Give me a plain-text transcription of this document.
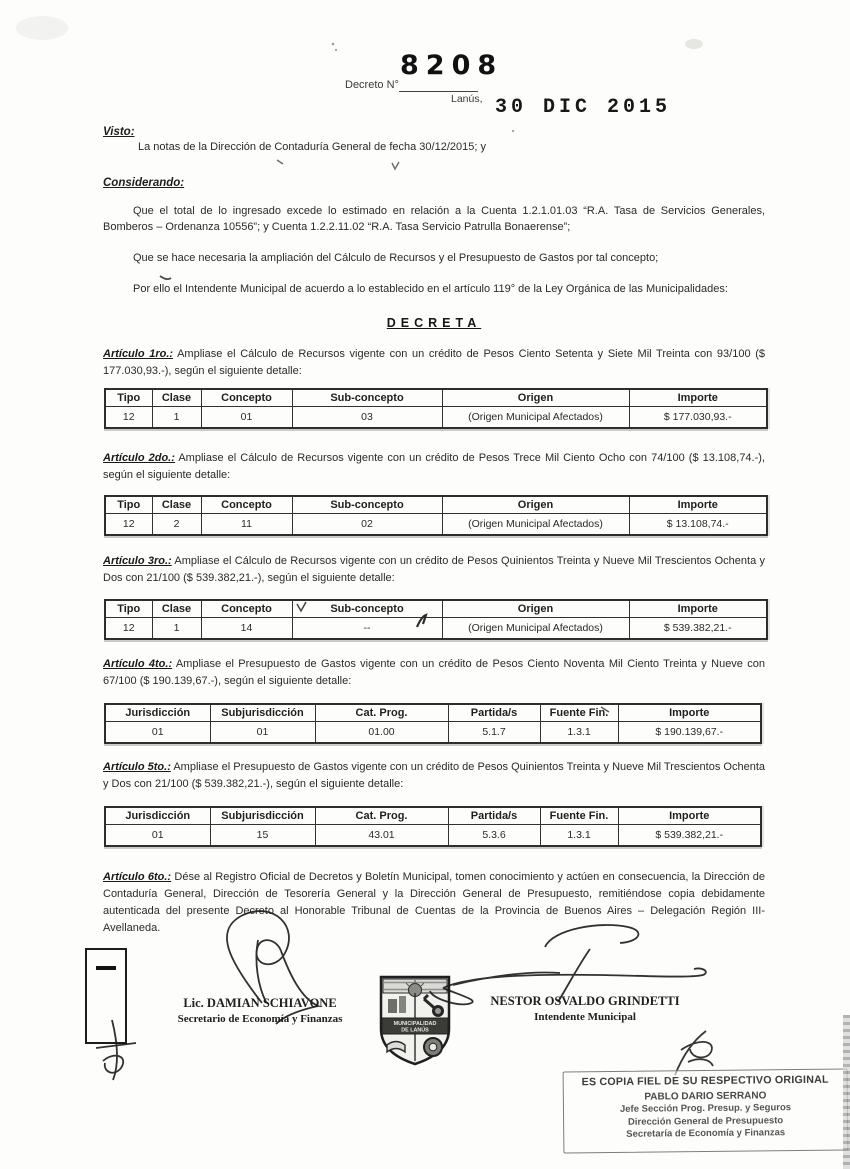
Decreto N°
8208
Lanús, 30 DIC 2015
Visto:

La notas de la Dirección de Contaduría General de fecha 30/12/2015; y

Considerando:

Que el total de lo ingresado excede lo estimado en relación a la Cuenta 1.2.1.01.03 “R.A. Tasa de Servicios Generales, Bomberos – Ordenanza 10556”; y Cuenta 1.2.2.11.02 “R.A. Tasa Servicio Patrulla Bonaerense”;

Que se hace necesaria la ampliación del Cálculo de Recursos y el Presupuesto de Gastos por tal concepto;

Por ello el Intendente Municipal de acuerdo a lo establecido en el artículo 119° de la Ley Orgánica de las Municipalidades:

DECRETA

Artículo 1ro.: Ampliase el Cálculo de Recursos vigente con un crédito de Pesos Ciento Setenta y Siete Mil Treinta con 93/100 ($ 177.030,93.-), según el siguiente detalle:

Artículo 2do.: Ampliase el Cálculo de Recursos vigente con un crédito de Pesos Trece Mil Ciento Ocho con 74/100 ($ 13.108,74.-), según el siguiente detalle:

Artículo 3ro.: Ampliase el Cálculo de Recursos vigente con un crédito de Pesos Quinientos Treinta y Nueve Mil Trescientos Ochenta y Dos con 21/100 ($ 539.382,21.-), según el siguiente detalle:

Artículo 4to.: Ampliase el Presupuesto de Gastos vigente con un crédito de Pesos Ciento Noventa Mil Ciento Treinta y Nueve con 67/100 ($ 190.139,67.-), según el siguiente detalle:

Artículo 5to.: Ampliase el Presupuesto de Gastos vigente con un crédito de Pesos Quinientos Treinta y Nueve Mil Trescientos Ochenta y Dos con 21/100 ($ 539.382,21.-), según el siguiente detalle:

Artículo 6to.: Dése al Registro Oficial de Decretos y Boletín Municipal, tomen conocimiento y actúen en consecuencia, la Dirección de Contaduría General, Dirección de Tesorería General y la Dirección General de Presupuesto, remitiéndose copia debidamente autenticada del presente Decreto al Honorable Tribunal de Cuentas de la Provincia de Buenos Aires – Delegación Región III- Avellaneda.

Tipo	Clase	Concepto	Sub-concepto	Origen	Importe
12	1	01	03	(Origen Municipal Afectados)	$ 177.030,93.-
Tipo	Clase	Concepto	Sub-concepto	Origen	Importe
12	2	11	02	(Origen Municipal Afectados)	$ 13.108,74.-
Tipo	Clase	Concepto	Sub-concepto	Origen	Importe
12	1	14	--	(Origen Municipal Afectados)	$ 539.382,21.-
Jurisdicción	Subjurisdicción	Cat. Prog.	Partida/s	Fuente Fin.	Importe
01	01	01.00	5.1.7	1.3.1	$ 190.139,67.-
Jurisdicción	Subjurisdicción	Cat. Prog.	Partida/s	Fuente Fin.	Importe
01	15	43.01	5.3.6	1.3.1	$ 539.382,21.-
Lic. DAMIAN SCHIAVONE
Secretario de Economía y Finanzas
NESTOR OSVALDO GRINDETTI
Intendente Municipal
MUNICIPALIDAD
DE LANÚS
ES COPIA FIEL DE SU RESPECTIVO ORIGINAL
PABLO DARIO SERRANO
Jefe Sección Prog. Presup. y Seguros
Dirección General de Presupuesto
Secretaría de Economía y Finanzas
